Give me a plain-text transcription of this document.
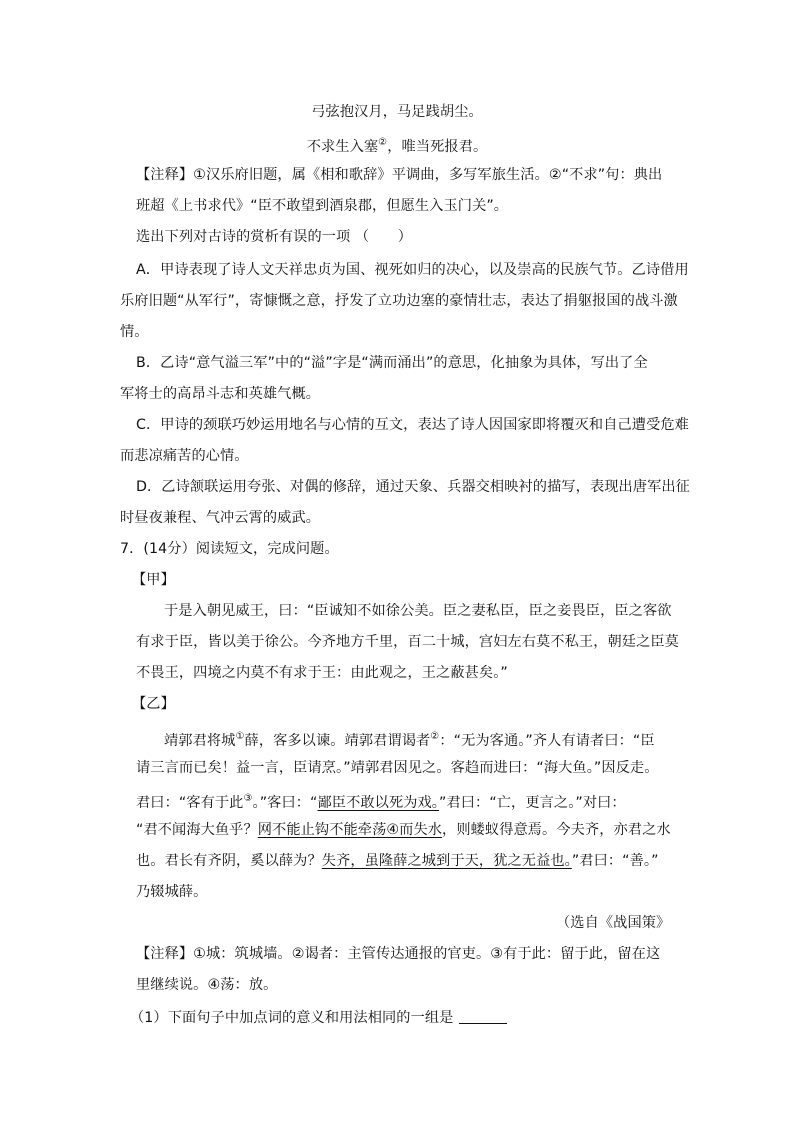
弓弦抱汉月，马足践胡尘。
不求生入塞②，唯当死报君。
【注释】①汉乐府旧题，属《相和歌辞》平调曲，多写军旅生活。②“不求”句：典出
班超《上书求代》“臣不敢望到酒泉郡，但愿生入玉门关”。
选出下列对古诗的赏析有误的一项 （　　）
A．甲诗表现了诗人文天祥忠贞为国、视死如归的决心，以及崇高的民族气节。乙诗借用
乐府旧题“从军行”，寄慷慨之意，抒发了立功边塞的豪情壮志，表达了捐躯报国的战斗激
情。
B．乙诗“意气溢三军”中的“溢”字是“满而涌出”的意思，化抽象为具体，写出了全
军将士的高昂斗志和英雄气概。
C．甲诗的颈联巧妙运用地名与心情的互文，表达了诗人因国家即将覆灭和自己遭受危难
而悲凉痛苦的心情。
D．乙诗颔联运用夸张、对偶的修辞，通过天象、兵器交相映衬的描写，表现出唐军出征
时昼夜兼程、气冲云霄的威武。
7．(14分）阅读短文，完成问题。
【甲】
于是入朝见威王，曰：“臣诚知不如徐公美。臣之妻私臣，臣之妾畏臣，臣之客欲
有求于臣，皆以美于徐公。今齐地方千里，百二十城，宫妇左右莫不私王，朝廷之臣莫
不畏王，四境之内莫不有求于王：由此观之，王之蔽甚矣。”
【乙】
靖郭君将城①薛，客多以谏。靖郭君谓谒者②：“无为客通。”齐人有请者曰：“臣
请三言而已矣！益一言，臣请烹。”靖郭君因见之。客趋而进曰：“海大鱼。”因反走。
君曰：“客有于此③。”客曰：“鄙臣不敢以死为戏。”君曰：“亡，更言之。”对曰：
“君不闻海大鱼乎？网不能止钩不能牵荡④而失水，则蝼蚁得意焉。今夫齐，亦君之水
也。君长有齐阴，奚以薛为？失齐，虽隆薛之城到于天，犹之无益也。”君曰：“善。”
乃辍城薛。
（选自《战国策》
【注释】①城：筑城墙。②谒者：主管传达通报的官吏。③有于此：留于此，留在这
里继续说。④荡：放。
（1）下面句子中加点词的意义和用法相同的一组是
